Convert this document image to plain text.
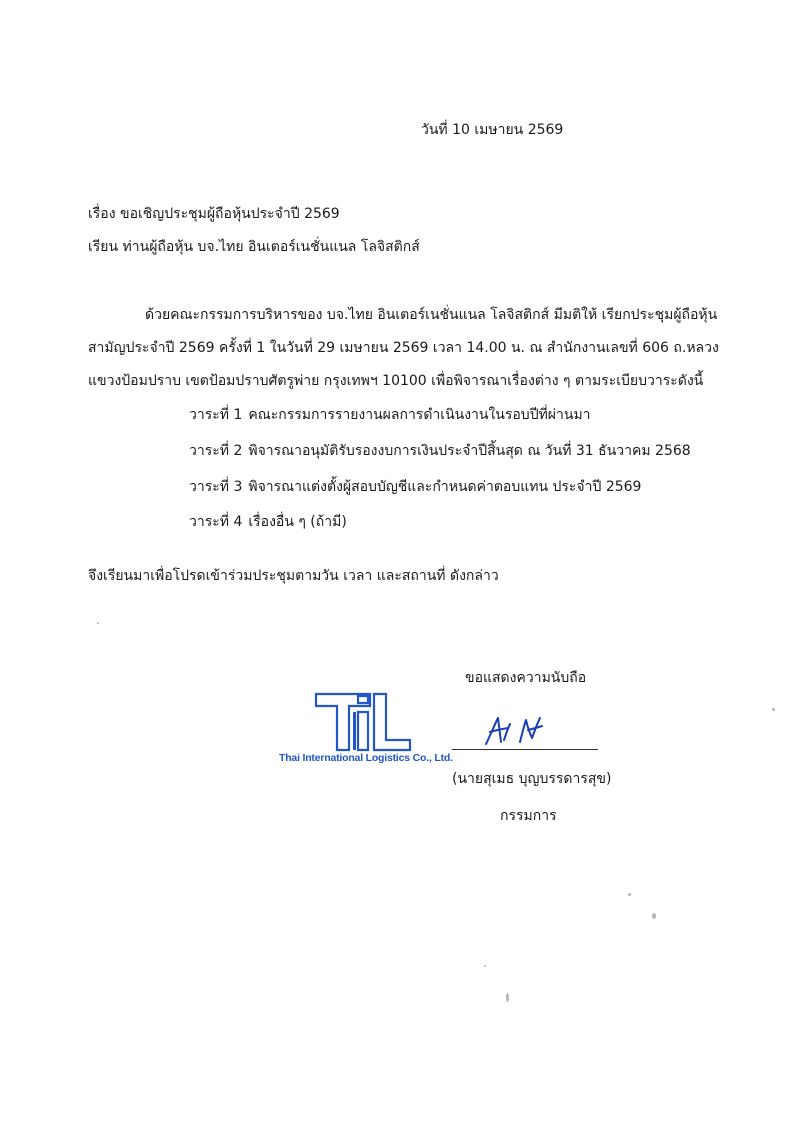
วันที่ 10 เมษายน 2569
เรื่อง ขอเชิญประชุมผู้ถือหุ้นประจำปี 2569
เรียน ท่านผู้ถือหุ้น บจ.ไทย อินเตอร์เนชั่นแนล โลจิสติกส์
ด้วยคณะกรรมการบริหารของ บจ.ไทย อินเตอร์เนชั่นแนล โลจิสติกส์ มีมติให้ เรียกประชุมผู้ถือหุ้น
สามัญประจำปี 2569 ครั้งที่ 1 ในวันที่ 29 เมษายน 2569 เวลา 14.00 น. ณ สำนักงานเลขที่ 606 ถ.หลวง
แขวงป้อมปราบ เขตป้อมปราบศัตรูพ่าย กรุงเทพฯ 10100 เพื่อพิจารณาเรื่องต่าง ๆ ตามระเบียบวาระดังนี้
วาระที่ 1 คณะกรรมการรายงานผลการดำเนินงานในรอบปีที่ผ่านมา
วาระที่ 2 พิจารณาอนุมัติรับรองงบการเงินประจำปีสิ้นสุด ณ วันที่ 31 ธันวาคม 2568
วาระที่ 3 พิจารณาแต่งตั้งผู้สอบบัญชีและกำหนดค่าตอบแทน ประจำปี 2569
วาระที่ 4 เรื่องอื่น ๆ (ถ้ามี)
จึงเรียนมาเพื่อโปรดเข้าร่วมประชุมตามวัน เวลา และสถานที่ ดังกล่าว
ขอแสดงความนับถือ
Thai International Logistics Co., Ltd.
(นายสุเมธ บุญบรรดารสุข)
กรรมการ
